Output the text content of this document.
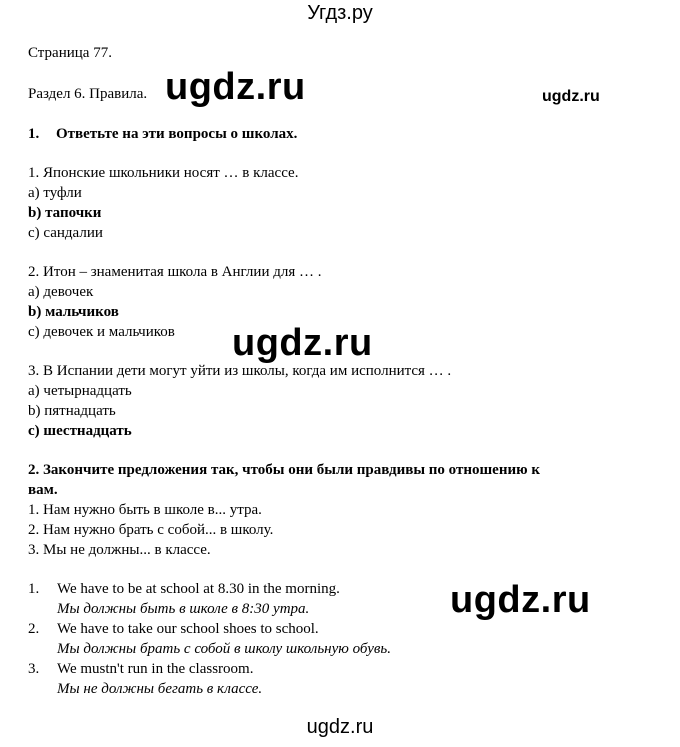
Угдз.ру
Страница 77.
Раздел 6. Правила. ugdz.ru	ugdz.ru
ugdz.ru
ugdz.ru
1. Ответьте на эти вопросы о школах.
1. Японские школьники носят … в классе.
a) туфли
b) тапочки
c) сандалии
2. Итон – знаменитая школа в Англии для … .
a) девочек
b) мальчиков
c) девочек и мальчиков
3. В Испании дети могут уйти из школы, когда им исполнится … .
a) четырнадцать
b) пятнадцать
c) шестнадцать
2. Закончите предложения так, чтобы они были правдивы по отношению к
вам.
1. Нам нужно быть в школе в... утра.
2. Нам нужно брать с собой... в школу.
3. Мы не должны... в классе.
1. We have to be at school at 8.30 in the morning.
Мы должны быть в школе в 8:30 утра.
2. We have to take our school shoes to school.
Мы должны брать с собой в школу школьную обувь.
3. We mustn't run in the classroom.
Мы не должны бегать в классе.
ugdz.ru
